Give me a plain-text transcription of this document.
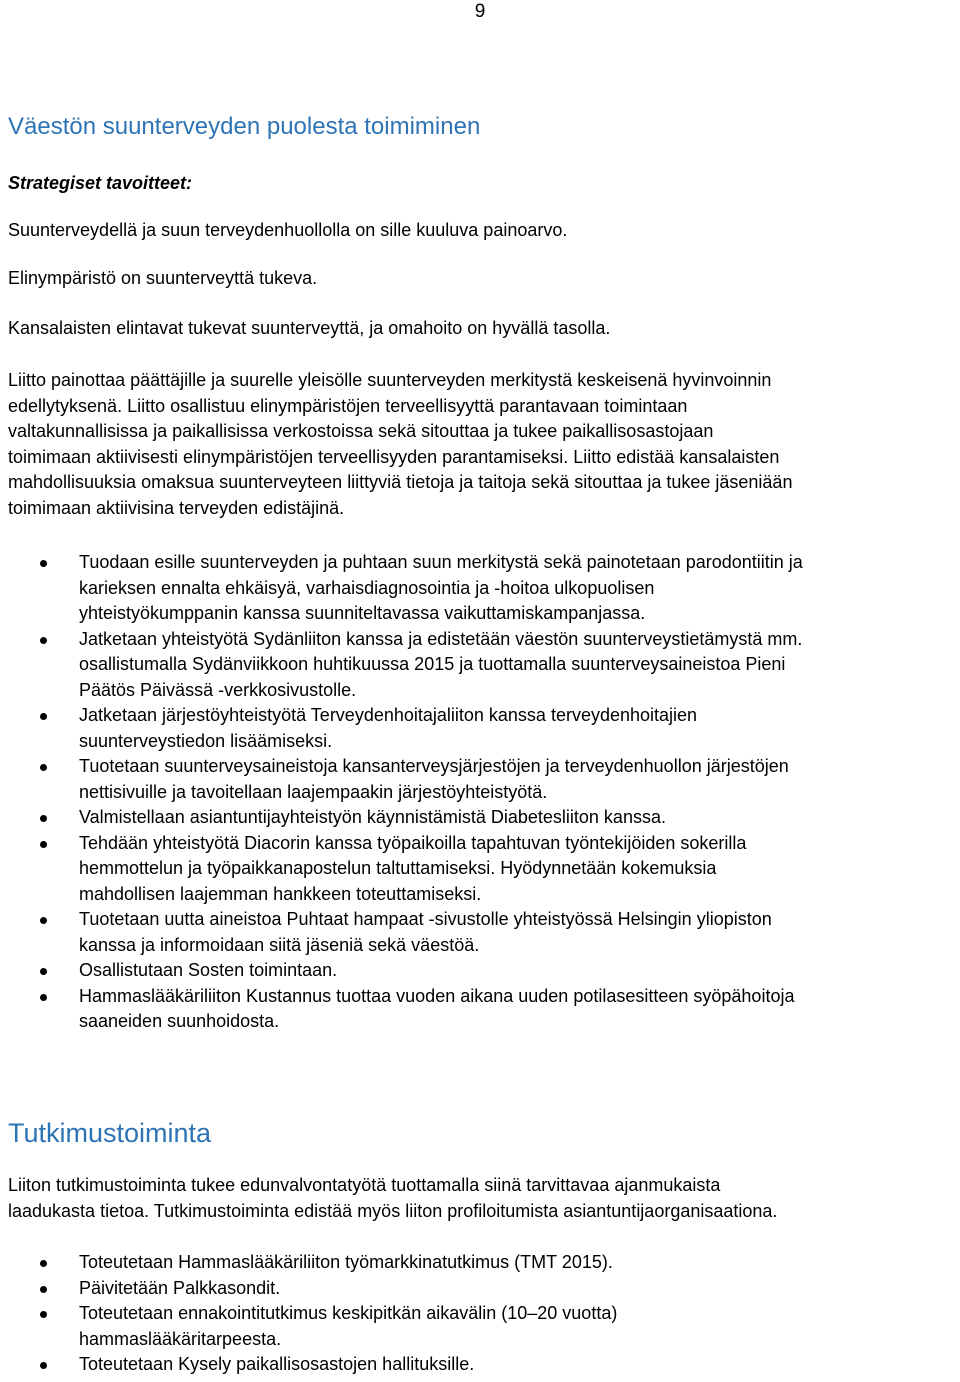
9
Väestön suunterveyden puolesta toimiminen

Strategiset tavoitteet:

Suunterveydellä ja suun terveydenhuollolla on sille kuuluva painoarvo.

Elinympäristö on suunterveyttä tukeva.

Kansalaisten elintavat tukevat suunterveyttä, ja omahoito on hyvällä tasolla.

Liitto painottaa päättäjille ja suurelle yleisölle suunterveyden merkitystä keskeisenä hyvinvoinnin
edellytyksenä. Liitto osallistuu elinympäristöjen terveellisyyttä parantavaan toimintaan
valtakunnallisissa ja paikallisissa verkostoissa sekä sitouttaa ja tukee paikallisosastojaan
toimimaan aktiivisesti elinympäristöjen terveellisyyden parantamiseksi. Liitto edistää kansalaisten
mahdollisuuksia omaksua suunterveyteen liittyviä tietoja ja taitoja sekä sitouttaa ja tukee jäseniään
toimimaan aktiivisina terveyden edistäjinä.
Tuodaan esille suunterveyden ja puhtaan suun merkitystä sekä painotetaan parodontiitin ja
karieksen ennalta ehkäisyä, varhaisdiagnosointia ja -hoitoa ulkopuolisen
yhteistyökumppanin kanssa suunniteltavassa vaikuttamiskampanjassa.
Jatketaan yhteistyötä Sydänliiton kanssa ja edistetään väestön suunterveystietämystä mm.
osallistumalla Sydänviikkoon huhtikuussa 2015 ja tuottamalla suunterveysaineistoa Pieni
Päätös Päivässä -verkkosivustolle.
Jatketaan järjestöyhteistyötä Terveydenhoitajaliiton kanssa terveydenhoitajien
suunterveystiedon lisäämiseksi.
Tuotetaan suunterveysaineistoja kansanterveysjärjestöjen ja terveydenhuollon järjestöjen
nettisivuille ja tavoitellaan laajempaakin järjestöyhteistyötä.
Valmistellaan asiantuntijayhteistyön käynnistämistä Diabetesliiton kanssa.
Tehdään yhteistyötä Diacorin kanssa työpaikoilla tapahtuvan työntekijöiden sokerilla
hemmottelun ja työpaikkanapostelun taltuttamiseksi. Hyödynnetään kokemuksia
mahdollisen laajemman hankkeen toteuttamiseksi.
Tuotetaan uutta aineistoa Puhtaat hampaat -sivustolle yhteistyössä Helsingin yliopiston
kanssa ja informoidaan siitä jäseniä sekä väestöä.
Osallistutaan Sosten toimintaan.
Hammaslääkäriliiton Kustannus tuottaa vuoden aikana uuden potilasesitteen syöpähoitoja
saaneiden suunhoidosta.
Tutkimustoiminta
Liiton tutkimustoiminta tukee edunvalvontatyötä tuottamalla siinä tarvittavaa ajanmukaista
laadukasta tietoa. Tutkimustoiminta edistää myös liiton profiloitumista asiantuntijaorganisaationa.
Toteutetaan Hammaslääkäriliiton työmarkkinatutkimus (TMT 2015).
Päivitetään Palkkasondit.
Toteutetaan ennakointitutkimus keskipitkän aikavälin (10–20 vuotta)
hammaslääkäritarpeesta.
Toteutetaan Kysely paikallisosastojen hallituksille.
